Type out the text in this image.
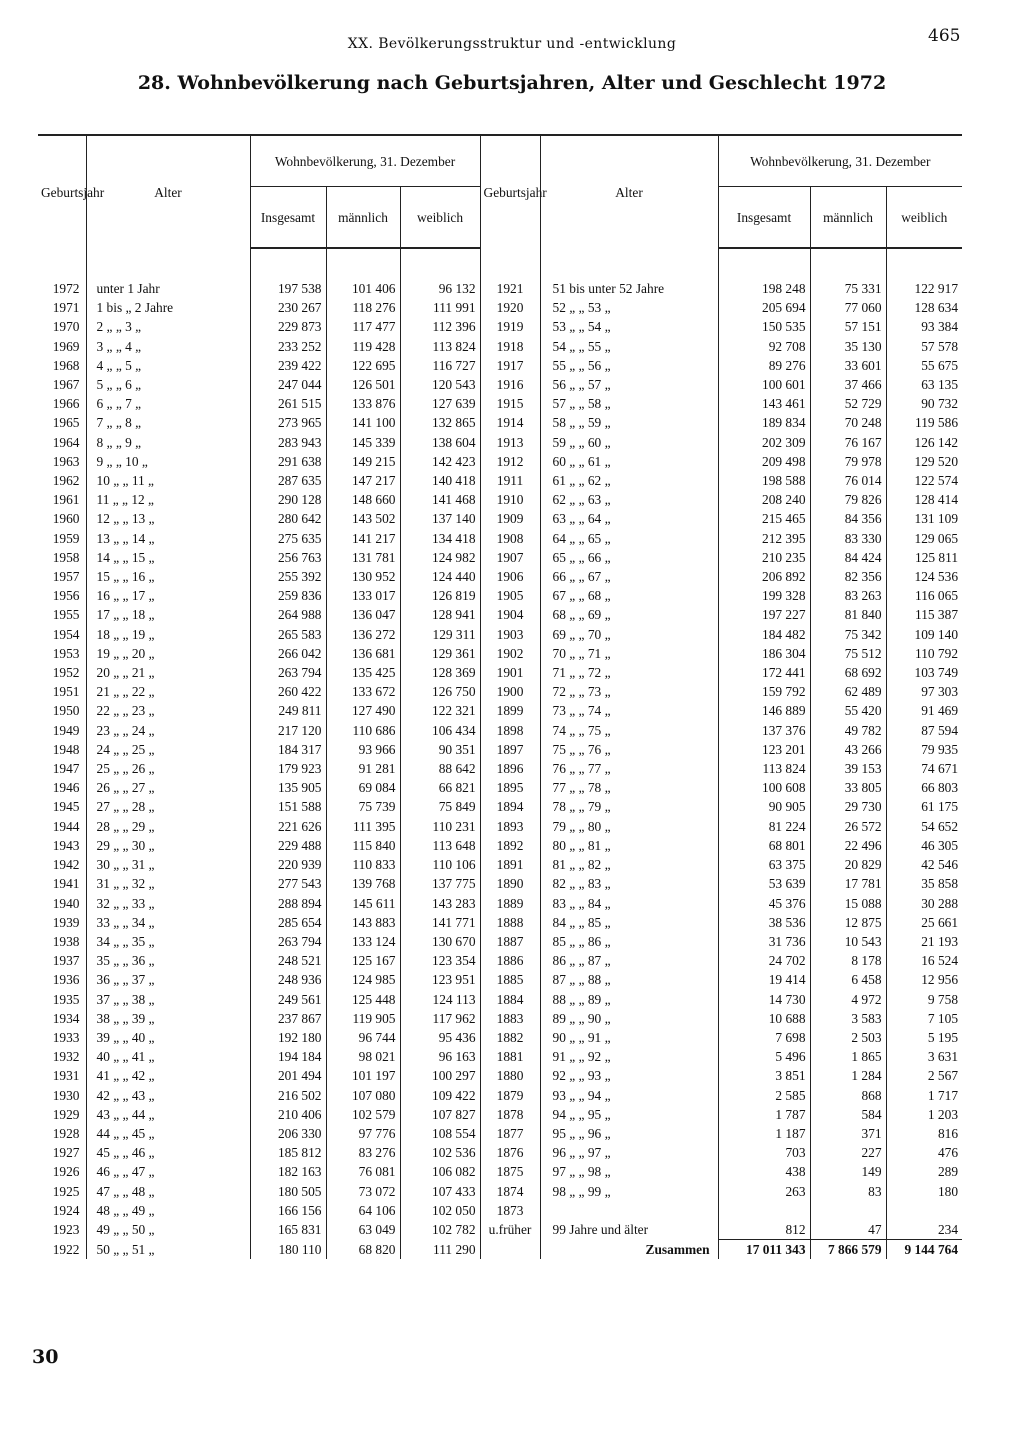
XX. Bevölkerungsstruktur und -entwicklung	465
28. Wohnbevölkerung nach Geburtsjahren, Alter und Geschlecht 1972
Geburtsjahr	Alter	Wohnbevölkerung, 31. Dezember			Geburtsjahr	Alter	Wohnbevölkerung, 31. Dezember		
		Insgesamt	männlich	weiblich			Insgesamt	männlich	weiblich

1972	unter 1 Jahr	197 538	101 406	96 132	1921	51 bis unter 52 Jahre	198 248	75 331	122 917
1971	1 bis „ 2 Jahre	230 267	118 276	111 991	1920	52 „ „ 53 „	205 694	77 060	128 634
1970	2 „ „ 3 „	229 873	117 477	112 396	1919	53 „ „ 54 „	150 535	57 151	93 384
1969	3 „ „ 4 „	233 252	119 428	113 824	1918	54 „ „ 55 „	92 708	35 130	57 578
1968	4 „ „ 5 „	239 422	122 695	116 727	1917	55 „ „ 56 „	89 276	33 601	55 675
1967	5 „ „ 6 „	247 044	126 501	120 543	1916	56 „ „ 57 „	100 601	37 466	63 135
1966	6 „ „ 7 „	261 515	133 876	127 639	1915	57 „ „ 58 „	143 461	52 729	90 732
1965	7 „ „ 8 „	273 965	141 100	132 865	1914	58 „ „ 59 „	189 834	70 248	119 586
1964	8 „ „ 9 „	283 943	145 339	138 604	1913	59 „ „ 60 „	202 309	76 167	126 142
1963	9 „ „ 10 „	291 638	149 215	142 423	1912	60 „ „ 61 „	209 498	79 978	129 520
1962	10 „ „ 11 „	287 635	147 217	140 418	1911	61 „ „ 62 „	198 588	76 014	122 574
1961	11 „ „ 12 „	290 128	148 660	141 468	1910	62 „ „ 63 „	208 240	79 826	128 414
1960	12 „ „ 13 „	280 642	143 502	137 140	1909	63 „ „ 64 „	215 465	84 356	131 109
1959	13 „ „ 14 „	275 635	141 217	134 418	1908	64 „ „ 65 „	212 395	83 330	129 065
1958	14 „ „ 15 „	256 763	131 781	124 982	1907	65 „ „ 66 „	210 235	84 424	125 811
1957	15 „ „ 16 „	255 392	130 952	124 440	1906	66 „ „ 67 „	206 892	82 356	124 536
1956	16 „ „ 17 „	259 836	133 017	126 819	1905	67 „ „ 68 „	199 328	83 263	116 065
1955	17 „ „ 18 „	264 988	136 047	128 941	1904	68 „ „ 69 „	197 227	81 840	115 387
1954	18 „ „ 19 „	265 583	136 272	129 311	1903	69 „ „ 70 „	184 482	75 342	109 140
1953	19 „ „ 20 „	266 042	136 681	129 361	1902	70 „ „ 71 „	186 304	75 512	110 792
1952	20 „ „ 21 „	263 794	135 425	128 369	1901	71 „ „ 72 „	172 441	68 692	103 749
1951	21 „ „ 22 „	260 422	133 672	126 750	1900	72 „ „ 73 „	159 792	62 489	97 303
1950	22 „ „ 23 „	249 811	127 490	122 321	1899	73 „ „ 74 „	146 889	55 420	91 469
1949	23 „ „ 24 „	217 120	110 686	106 434	1898	74 „ „ 75 „	137 376	49 782	87 594
1948	24 „ „ 25 „	184 317	93 966	90 351	1897	75 „ „ 76 „	123 201	43 266	79 935
1947	25 „ „ 26 „	179 923	91 281	88 642	1896	76 „ „ 77 „	113 824	39 153	74 671
1946	26 „ „ 27 „	135 905	69 084	66 821	1895	77 „ „ 78 „	100 608	33 805	66 803
1945	27 „ „ 28 „	151 588	75 739	75 849	1894	78 „ „ 79 „	90 905	29 730	61 175
1944	28 „ „ 29 „	221 626	111 395	110 231	1893	79 „ „ 80 „	81 224	26 572	54 652
1943	29 „ „ 30 „	229 488	115 840	113 648	1892	80 „ „ 81 „	68 801	22 496	46 305
1942	30 „ „ 31 „	220 939	110 833	110 106	1891	81 „ „ 82 „	63 375	20 829	42 546
1941	31 „ „ 32 „	277 543	139 768	137 775	1890	82 „ „ 83 „	53 639	17 781	35 858
1940	32 „ „ 33 „	288 894	145 611	143 283	1889	83 „ „ 84 „	45 376	15 088	30 288
1939	33 „ „ 34 „	285 654	143 883	141 771	1888	84 „ „ 85 „	38 536	12 875	25 661
1938	34 „ „ 35 „	263 794	133 124	130 670	1887	85 „ „ 86 „	31 736	10 543	21 193
1937	35 „ „ 36 „	248 521	125 167	123 354	1886	86 „ „ 87 „	24 702	8 178	16 524
1936	36 „ „ 37 „	248 936	124 985	123 951	1885	87 „ „ 88 „	19 414	6 458	12 956
1935	37 „ „ 38 „	249 561	125 448	124 113	1884	88 „ „ 89 „	14 730	4 972	9 758
1934	38 „ „ 39 „	237 867	119 905	117 962	1883	89 „ „ 90 „	10 688	3 583	7 105
1933	39 „ „ 40 „	192 180	96 744	95 436	1882	90 „ „ 91 „	7 698	2 503	5 195
1932	40 „ „ 41 „	194 184	98 021	96 163	1881	91 „ „ 92 „	5 496	1 865	3 631
1931	41 „ „ 42 „	201 494	101 197	100 297	1880	92 „ „ 93 „	3 851	1 284	2 567
1930	42 „ „ 43 „	216 502	107 080	109 422	1879	93 „ „ 94 „	2 585	868	1 717
1929	43 „ „ 44 „	210 406	102 579	107 827	1878	94 „ „ 95 „	1 787	584	1 203
1928	44 „ „ 45 „	206 330	97 776	108 554	1877	95 „ „ 96 „	1 187	371	816
1927	45 „ „ 46 „	185 812	83 276	102 536	1876	96 „ „ 97 „	703	227	476
1926	46 „ „ 47 „	182 163	76 081	106 082	1875	97 „ „ 98 „	438	149	289
1925	47 „ „ 48 „	180 505	73 072	107 433	1874	98 „ „ 99 „	263	83	180
1924	48 „ „ 49 „	166 156	64 106	102 050	1873				
1923	49 „ „ 50 „	165 831	63 049	102 782	u.früher	99 Jahre und älter	812	47	234
1922	50 „ „ 51 „	180 110	68 820	111 290		Zusammen	17 011 343	7 866 579	9 144 764
30
